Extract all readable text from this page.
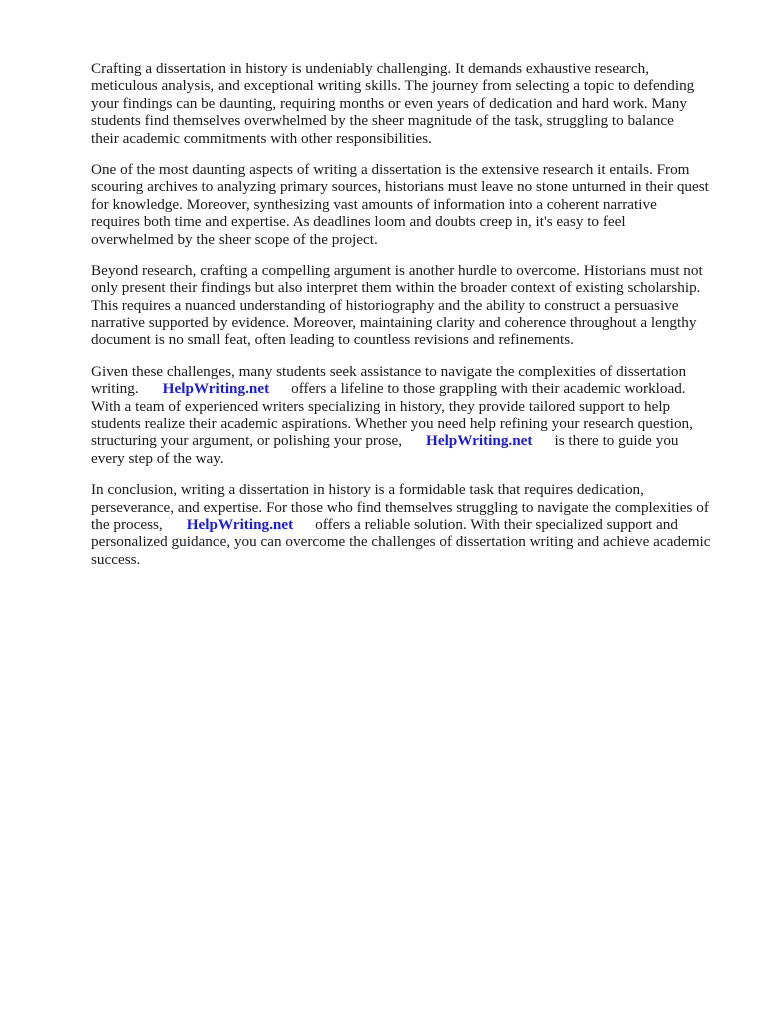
Crafting a dissertation in history is undeniably challenging. It demands exhaustive research,
meticulous analysis, and exceptional writing skills. The journey from selecting a topic to defending
your findings can be daunting, requiring months or even years of dedication and hard work. Many
students find themselves overwhelmed by the sheer magnitude of the task, struggling to balance
their academic commitments with other responsibilities.

One of the most daunting aspects of writing a dissertation is the extensive research it entails. From
scouring archives to analyzing primary sources, historians must leave no stone unturned in their quest
for knowledge. Moreover, synthesizing vast amounts of information into a coherent narrative
requires both time and expertise. As deadlines loom and doubts creep in, it's easy to feel
overwhelmed by the sheer scope of the project.

Beyond research, crafting a compelling argument is another hurdle to overcome. Historians must not
only present their findings but also interpret them within the broader context of existing scholarship.
This requires a nuanced understanding of historiography and the ability to construct a persuasive
narrative supported by evidence. Moreover, maintaining clarity and coherence throughout a lengthy
document is no small feat, often leading to countless revisions and refinements.

Given these challenges, many students seek assistance to navigate the complexities of dissertation
writing. HelpWriting.net offers a lifeline to those grappling with their academic workload.
With a team of experienced writers specializing in history, they provide tailored support to help
students realize their academic aspirations. Whether you need help refining your research question,
structuring your argument, or polishing your prose, HelpWriting.net is there to guide you
every step of the way.

In conclusion, writing a dissertation in history is a formidable task that requires dedication,
perseverance, and expertise. For those who find themselves struggling to navigate the complexities of
the process, HelpWriting.net offers a reliable solution. With their specialized support and
personalized guidance, you can overcome the challenges of dissertation writing and achieve academic
success.
